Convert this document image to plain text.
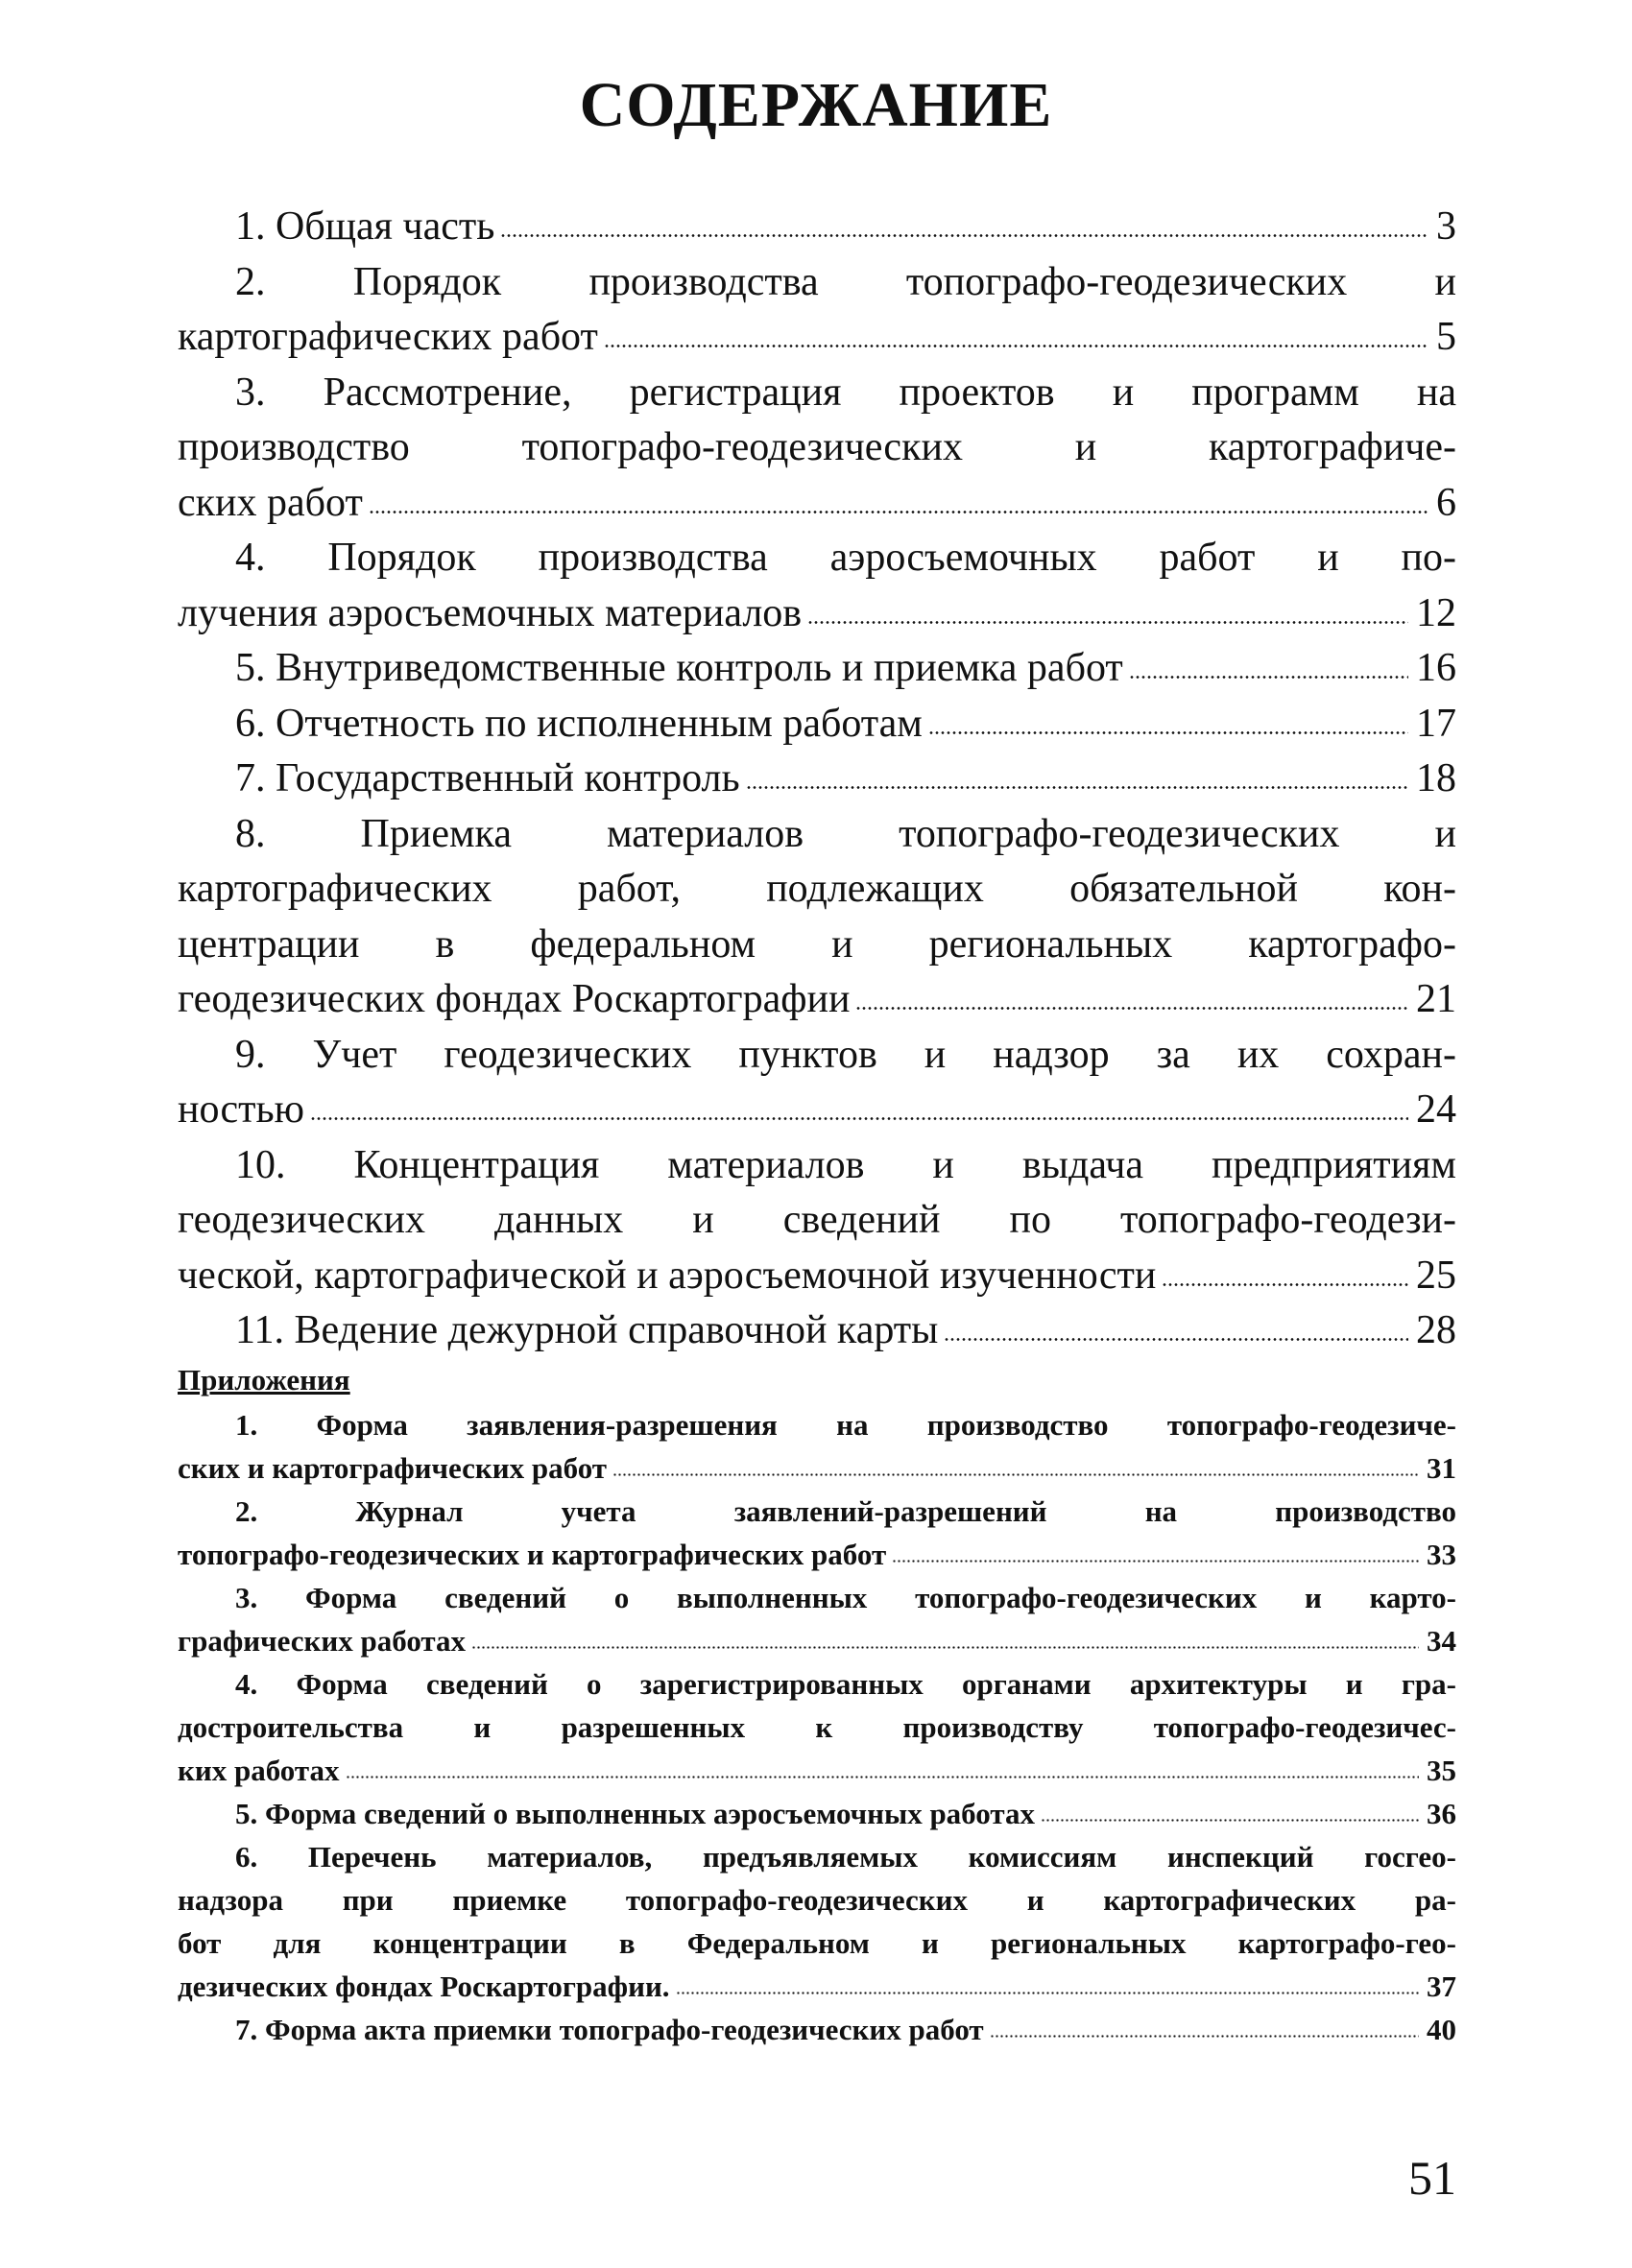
СОДЕРЖАНИЕ
1. Общая часть	3
2. Порядок производства топографо-геодезических и
картографических работ	5
3. Рассмотрение, регистрация проектов и программ на
производство топографо-геодезических и картографиче-
ских работ	6
4. Порядок производства аэросъемочных работ и по-
лучения аэросъемочных материалов	12
5. Внутриведомственные контроль и приемка работ	16
6. Отчетность по исполненным работам	17
7. Государственный контроль	18
8. Приемка материалов топографо-геодезических и
картографических работ, подлежащих обязательной кон-
центрации в федеральном и региональных картографо-
геодезических фондах Роскартографии	21
9. Учет геодезических пунктов и надзор за их сохран-
ностью	24
10. Концентрация материалов и выдача предприятиям
геодезических данных и сведений по топографо-геодези-
ческой, картографической и аэросъемочной изученности	25
11. Ведение дежурной справочной карты	28
Приложения
1. Форма заявления-разрешения на производство топографо-геодезиче-
ских и картографических работ	31
2. Журнал учета заявлений-разрешений на производство
топографо-геодезических и картографических работ	33
3. Форма сведений о выполненных топографо-геодезических и карто-
графических работах	34
4. Форма сведений о зарегистрированных органами архитектуры и гра-
достроительства и разрешенных к производству топографо-геодезичес-
ких работах	35
5. Форма сведений о выполненных аэросъемочных работах	36
6. Перечень материалов, предъявляемых комиссиям инспекций госгео-
надзора при приемке топографо-геодезических и картографических ра-
бот для концентрации в Федеральном и региональных картографо-гео-
дезических фондах Роскартографии.	37
7. Форма акта приемки топографо-геодезических работ	40
51
